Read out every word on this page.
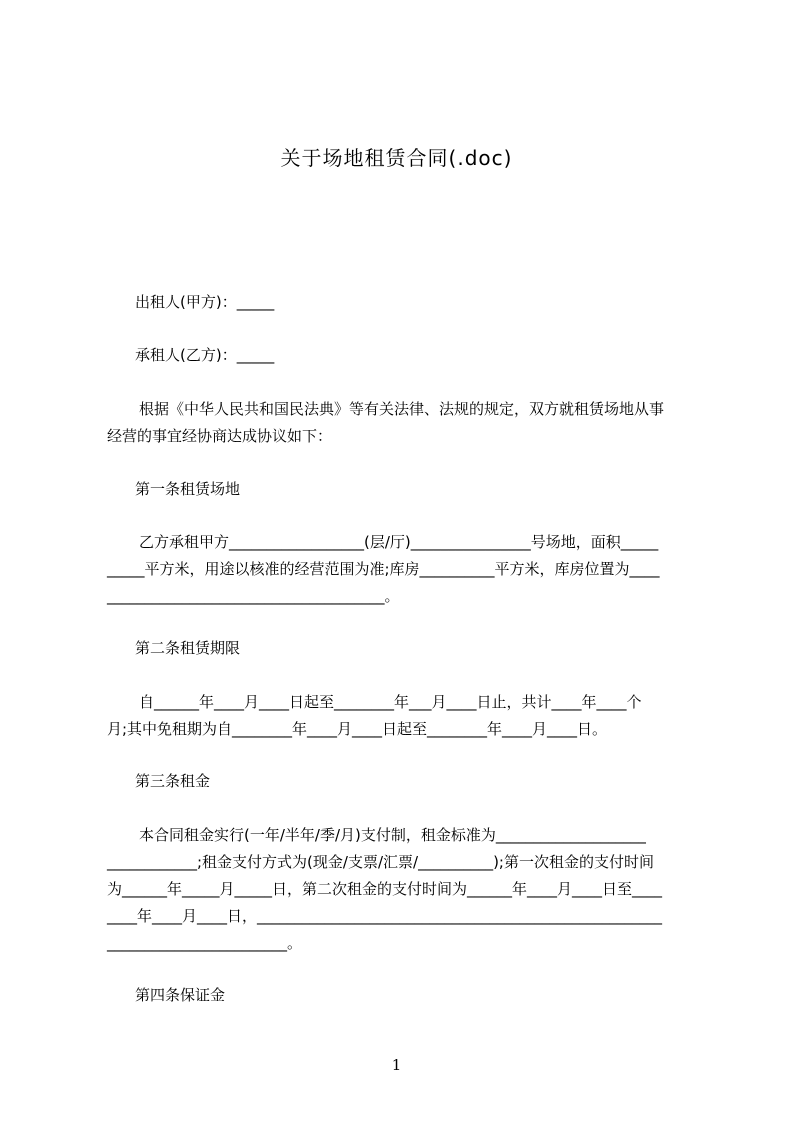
关于场地租赁合同(.doc)
出租人(甲方)：_____
承租人(乙方)：_____
根据《中华人民共和国民法典》等有关法律、法规的规定，双方就租赁场地从事
经营的事宜经协商达成协议如下：
第一条租赁场地
乙方承租甲方__________________(层/厅)________________号场地，面积_____
_____平方米，用途以核准的经营范围为准;库房__________平方米，库房位置为____
_____________________________________。
第二条租赁期限
自______年____月____日起至________年___月____日止，共计____年____个
月;其中免租期为自________年____月____日起至________年____月____日。
第三条租金
本合同租金实行(一年/半年/季/月)支付制，租金标准为____________________
____________;租金支付方式为(现金/支票/汇票/__________);第一次租金的支付时间
为______年_____月_____日，第二次租金的支付时间为______年____月____日至____
____年____月____日，______________________________________________________
________________________。
第四条保证金
1
